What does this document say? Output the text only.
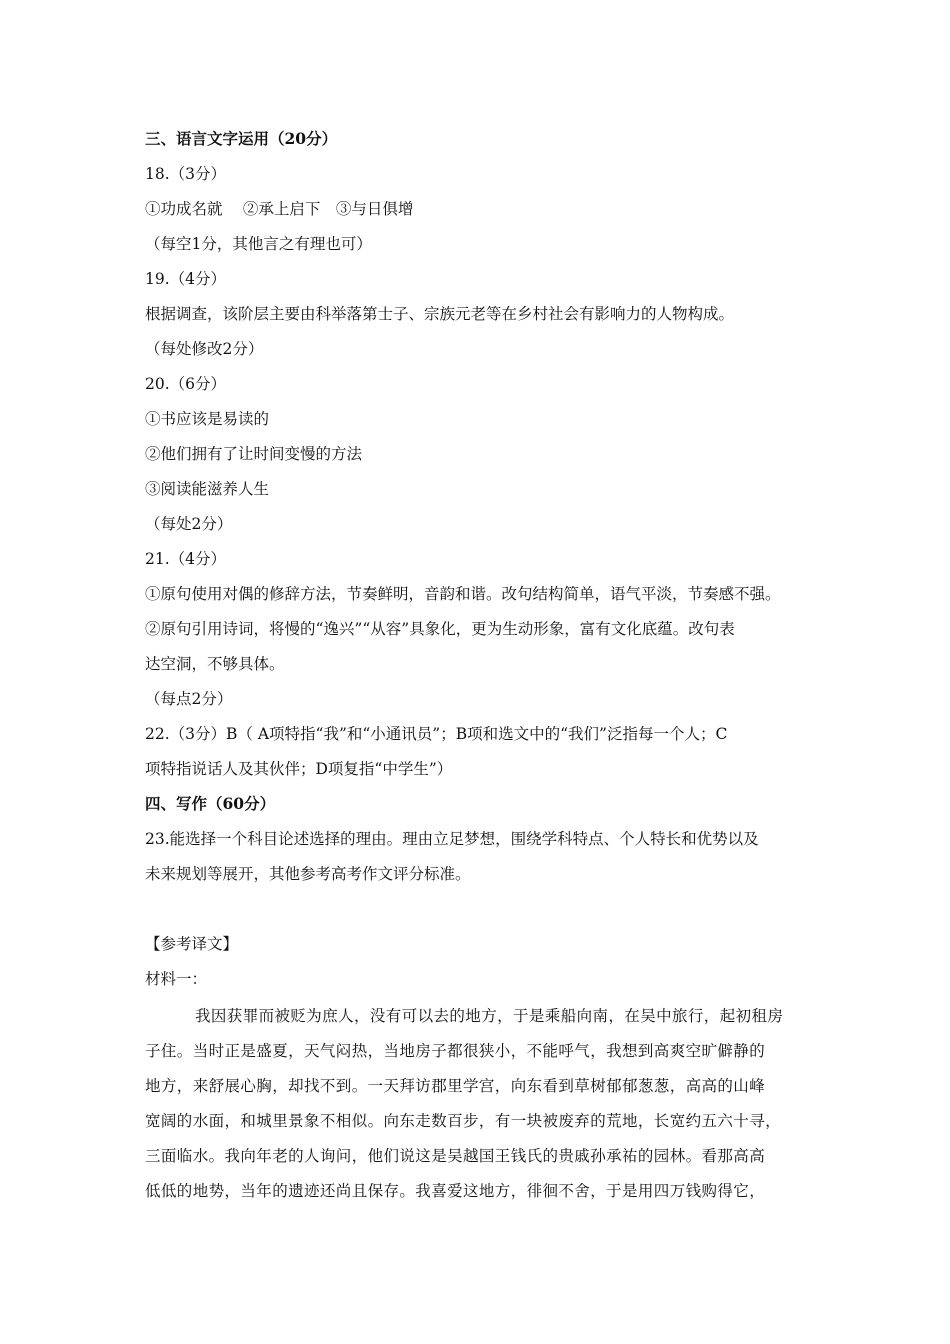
三、语言文字运用（20分）
18.（3分）
①功成名就　 ②承上启下　③与日俱增
（每空1分，其他言之有理也可）
19.（4分）
根据调查，该阶层主要由科举落第士子、宗族元老等在乡村社会有影响力的人物构成。
（每处修改2分）
20.（6分）
①书应该是易读的
②他们拥有了让时间变慢的方法
③阅读能滋养人生
（每处2分）
21.（4分）
①原句使用对偶的修辞方法，节奏鲜明，音韵和谐。改句结构简单，语气平淡，节奏感不强。
②原句引用诗词，将慢的“逸兴”“从容”具象化，更为生动形象，富有文化底蕴。改句表
达空洞，不够具体。
（每点2分）
22.（3分）B（ A项特指“我”和“小通讯员”；B项和选文中的“我们”泛指每一个人；C
项特指说话人及其伙伴；D项复指“中学生”）
四、写作（60分）
23.能选择一个科目论述选择的理由。理由立足梦想，围绕学科特点、个人特长和优势以及
未来规划等展开，其他参考高考作文评分标准。
【参考译文】
材料一：
我因获罪而被贬为庶人，没有可以去的地方，于是乘船向南，在吴中旅行，起初租房
子住。当时正是盛夏，天气闷热，当地房子都很狭小，不能呼气，我想到高爽空旷僻静的
地方，来舒展心胸，却找不到。一天拜访郡里学宫，向东看到草树郁郁葱葱，高高的山峰
宽阔的水面，和城里景象不相似。向东走数百步，有一块被废弃的荒地，长宽约五六十寻，
三面临水。我向年老的人询问，他们说这是吴越国王钱氏的贵戚孙承祐的园林。看那高高
低低的地势，当年的遗迹还尚且保存。我喜爱这地方，徘徊不舍，于是用四万钱购得它，
